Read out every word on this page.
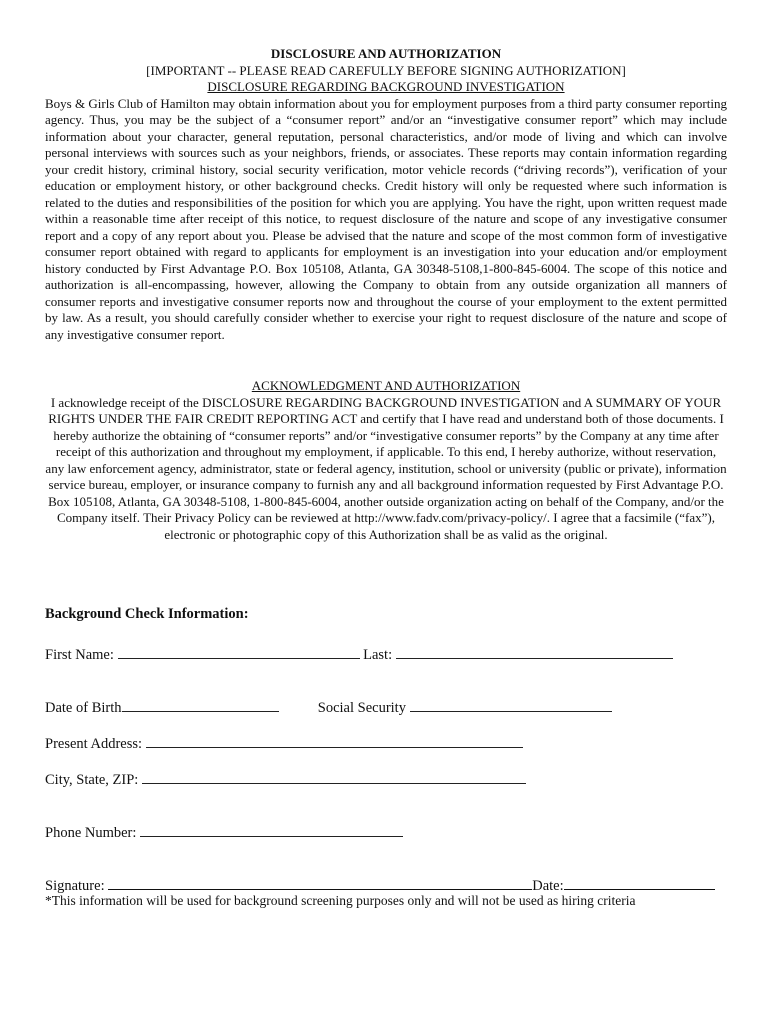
DISCLOSURE AND AUTHORIZATION
[IMPORTANT -- PLEASE READ CAREFULLY BEFORE SIGNING AUTHORIZATION]
DISCLOSURE REGARDING BACKGROUND INVESTIGATION

Boys & Girls Club of Hamilton may obtain information about you for employment purposes from a third party consumer reporting agency. Thus, you may be the subject of a “consumer report” and/or an “investigative consumer report” which may include information about your character, general reputation, personal characteristics, and/or mode of living and which can involve personal interviews with sources such as your neighbors, friends, or associates. These reports may contain information regarding your credit history, criminal history, social security verification, motor vehicle records (“driving records”), verification of your education or employment history, or other background checks. Credit history will only be requested where such information is related to the duties and responsibilities of the position for which you are applying. You have the right, upon written request made within a reasonable time after receipt of this notice, to request disclosure of the nature and scope of any investigative consumer report and a copy of any report about you. Please be advised that the nature and scope of the most common form of investigative consumer report obtained with regard to applicants for employment is an investigation into your education and/or employment history conducted by First Advantage P.O. Box 105108, Atlanta, GA 30348-5108,1-800-845-6004. The scope of this notice and authorization is all-encompassing, however, allowing the Company to obtain from any outside organization all manners of consumer reports and investigative consumer reports now and throughout the course of your employment to the extent permitted by law. As a result, you should carefully consider whether to exercise your right to request disclosure of the nature and scope of any investigative consumer report.

ACKNOWLEDGMENT AND AUTHORIZATION

I acknowledge receipt of the DISCLOSURE REGARDING BACKGROUND INVESTIGATION and A SUMMARY OF YOUR RIGHTS UNDER THE FAIR CREDIT REPORTING ACT and certify that I have read and understand both of those documents. I hereby authorize the obtaining of “consumer reports” and/or “investigative consumer reports” by the Company at any time after receipt of this authorization and throughout my employment, if applicable. To this end, I hereby authorize, without reservation, any law enforcement agency, administrator, state or federal agency, institution, school or university (public or private), information service bureau, employer, or insurance company to furnish any and all background information requested by First Advantage P.O. Box 105108, Atlanta, GA 30348-5108, 1-800-845-6004, another outside organization acting on behalf of the Company, and/or the Company itself. Their Privacy Policy can be reviewed at http://www.fadv.com/privacy-policy/. I agree that a facsimile (“fax”), electronic or photographic copy of this Authorization shall be as valid as the original.

Background Check Information:
First Name:	Last:
Date of Birth	Social Security
Present Address:
City, State, ZIP:
Phone Number:
Signature:	Date:
*This information will be used for background screening purposes only and will not be used as hiring criteria
